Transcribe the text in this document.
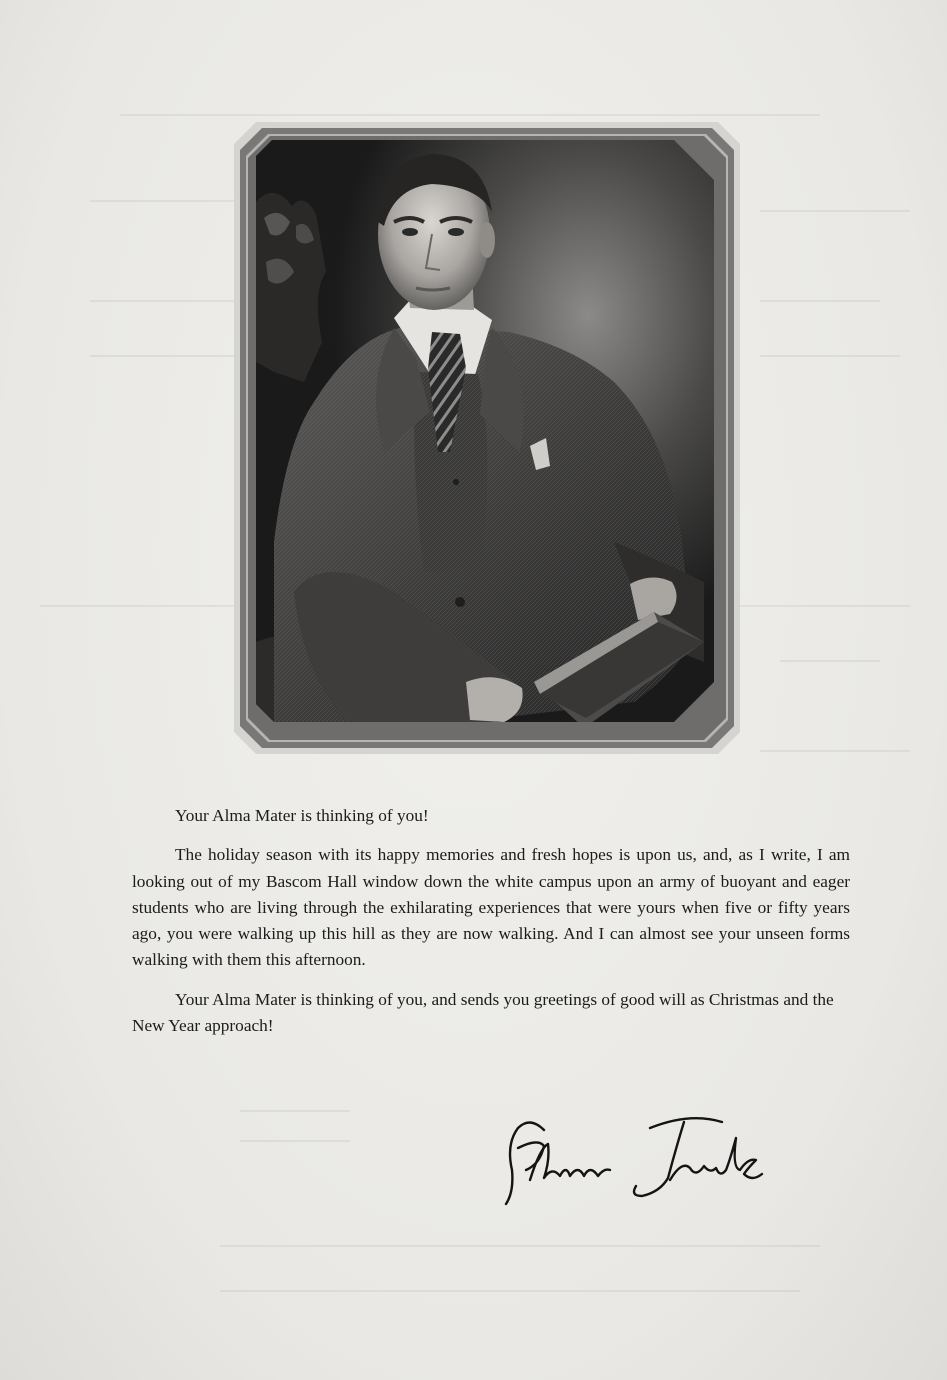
Your Alma Mater is thinking of you!

The holiday season with its happy memories and fresh hopes is upon us, and, as I write, I am looking out of my Bascom Hall window down the white campus upon an army of buoyant and eager students who are living through the exhilarating experiences that were yours when five or fifty years ago, you were walking up this hill as they are now walking. And I can almost see your unseen forms walking with them this afternoon.

Your Alma Mater is thinking of you, and sends you greetings of good will as Christmas and the New Year approach!
